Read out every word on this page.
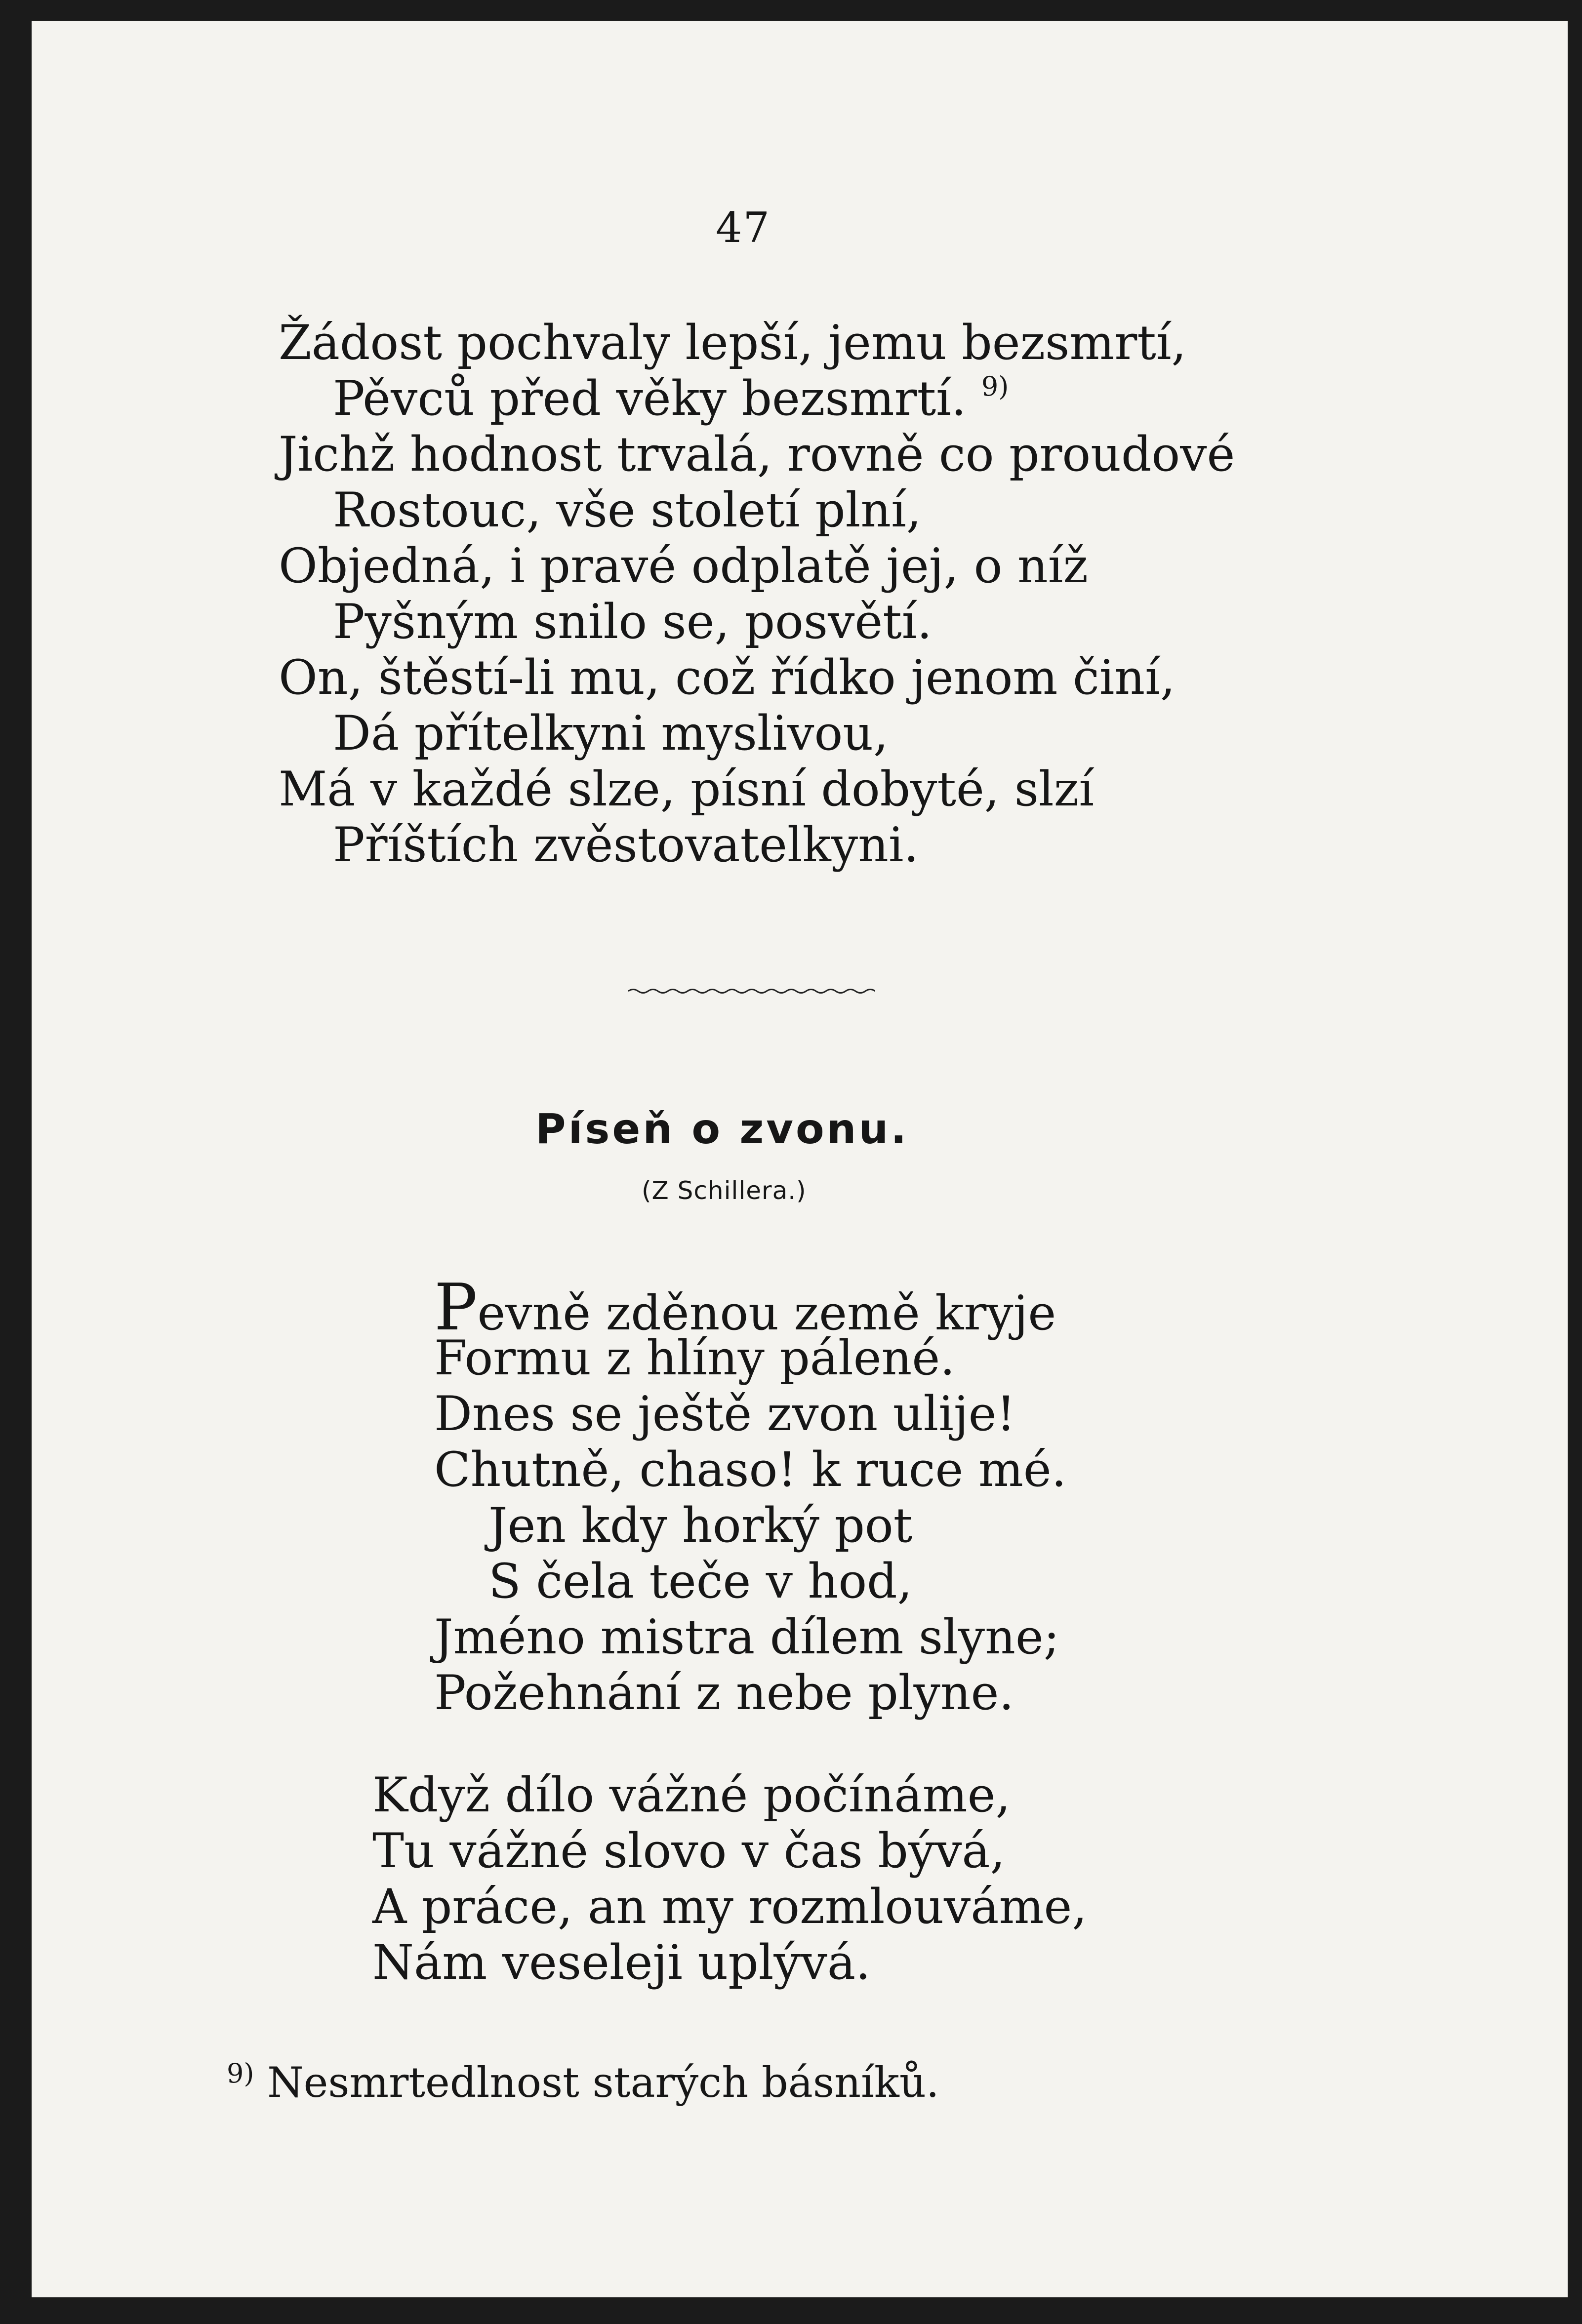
47
Žádost pochvaly lepší, jemu bezsmrtí,
Pěvců před věky bezsmrtí. $^{9)}$
Jichž hodnost trvalá, rovně co proudové
Rostouc, vše století plní,
Objedná, i pravé odplatě jej, o níž
Pyšným snilo se, posvětí.
On, štěstí-li mu, což řídko jenom činí,
Dá přítelkyni myslivou,
Má v každé slze, písní dobyté, slzí
Příštích zvěstovatelkyni.
Píseň o zvonu.
(Z Schillera.)
Pevně zděnou země kryje
Formu z hlíny pálené.
Dnes se ještě zvon ulije!
Chutně, chaso! k ruce mé.
Jen kdy horký pot
S čela teče v hod,
Jméno mistra dílem slyne;
Požehnání z nebe plyne.
Když dílo vážné počínáme,
Tu vážné slovo v čas bývá,
A práce, an my rozmlouváme,
Nám veseleji uplývá.
$^{9)}$ Nesmrtedlnost starých básníků.
